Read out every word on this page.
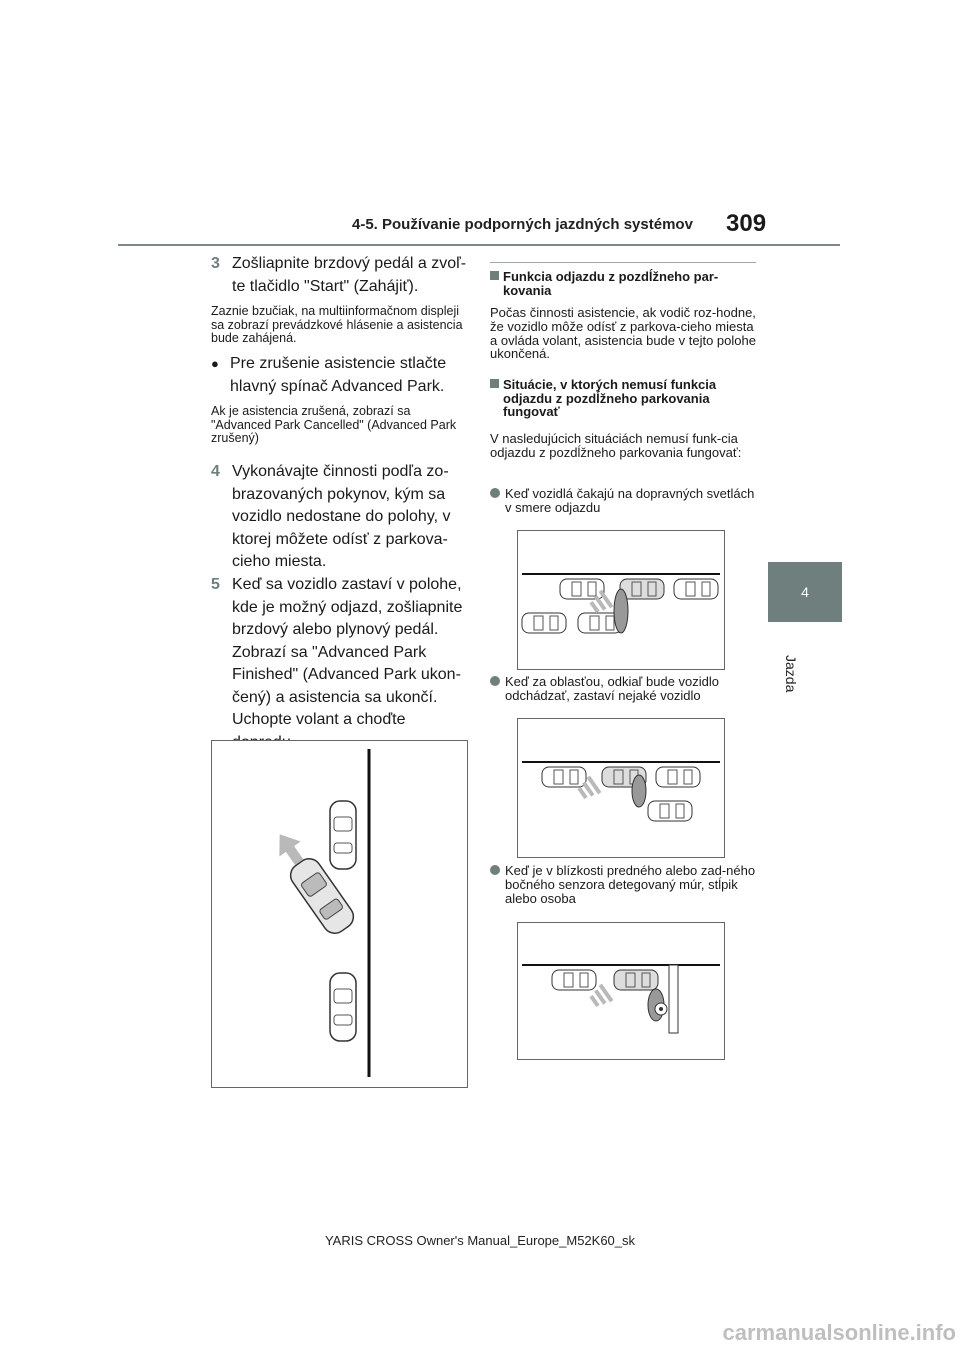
4-5. Používanie podporných jazdných systémov 309
4
Jazda
3 Zošliapnite brzdový pedál a zvoľ-te tlačidlo "Start" (Zahájiť).
Zaznie bzučiak, na multiinformačnom displeji sa zobrazí prevádzkové hlásenie a asistencia bude zahájená.
● Pre zrušenie asistencie stlačte hlavný spínač Advanced Park.
Ak je asistencia zrušená, zobrazí sa "Advanced Park Cancelled" (Advanced Park zrušený)
4 Vykonávajte činnosti podľa zo-brazovaných pokynov, kým sa vozidlo nedostane do polohy, v ktorej môžete odísť z parkova-cieho miesta.
5 Keď sa vozidlo zastaví v polohe, kde je možný odjazd, zošliapnite brzdový alebo plynový pedál. Zobrazí sa "Advanced Park Finished" (Advanced Park ukon-čený) a asistencia sa ukončí. Uchopte volant a choďte
Funkcia odjazdu z pozdĺžneho par-kovania
Počas činnosti asistencie, ak vodič roz-hodne, že vozidlo môže odísť z parkova-cieho miesta a ovláda volant, asistencia bude v tejto polohe ukončená.
Situácie, v ktorých nemusí funkcia odjazdu z pozdĺžneho parkovania fungovať
V nasledujúcich situáciách nemusí funk-cia odjazdu z pozdĺžneho parkovania fungovať:
Keď vozidlá čakajú na dopravných svetlách v smere odjazdu
Keď za oblasťou, odkiaľ bude vozidlo odchádzať, zastaví nejaké vozidlo
Keď je v blízkosti predného alebo zad-ného bočného senzora detegovaný múr, stĺpik alebo osoba
YARIS CROSS Owner's Manual_Europe_M52K60_sk
carmanualsonline.info
